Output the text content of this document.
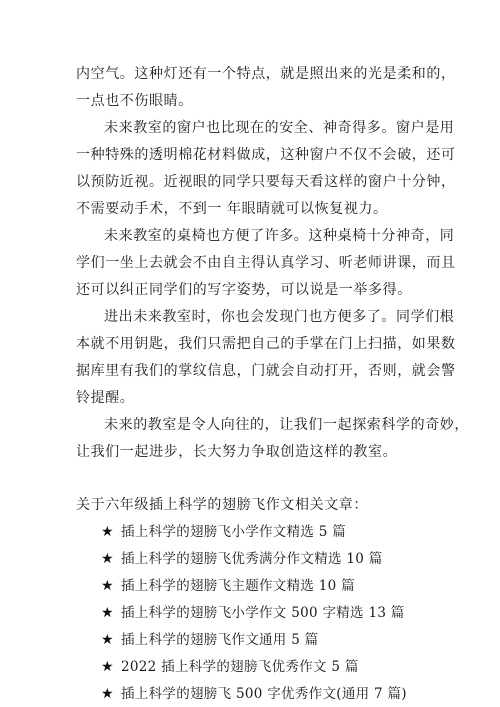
内空气。这种灯还有一个特点，就是照出来的光是柔和的，
一点也不伤眼睛。
未来教室的窗户也比现在的安全、神奇得多。窗户是用
一种特殊的透明棉花材料做成，这种窗户不仅不会破，还可
以预防近视。近视眼的同学只要每天看这样的窗户十分钟，
不需要动手术，不到一 年眼睛就可以恢复视力。
未来教室的桌椅也方便了许多。这种桌椅十分神奇，同
学们一坐上去就会不由自主得认真学习、听老师讲课，而且
还可以纠正同学们的写字姿势，可以说是一举多得。
进出未来教室时，你也会发现门也方便多了。同学们根
本就不用钥匙，我们只需把自己的手掌在门上扫描，如果数
据库里有我们的掌纹信息，门就会自动打开，否则，就会警
铃提醒。
未来的教室是令人向往的，让我们一起探索科学的奇妙，
让我们一起进步，长大努力争取创造这样的教室。
关于六年级插上科学的翅膀飞作文相关文章：
★ 插上科学的翅膀飞小学作文精选 5 篇
★ 插上科学的翅膀飞优秀满分作文精选 10 篇
★ 插上科学的翅膀飞主题作文精选 10 篇
★ 插上科学的翅膀飞小学作文 500 字精选 13 篇
★ 插上科学的翅膀飞作文通用 5 篇
★ 2022 插上科学的翅膀飞优秀作文 5 篇
★ 插上科学的翅膀飞 500 字优秀作文(通用 7 篇)
